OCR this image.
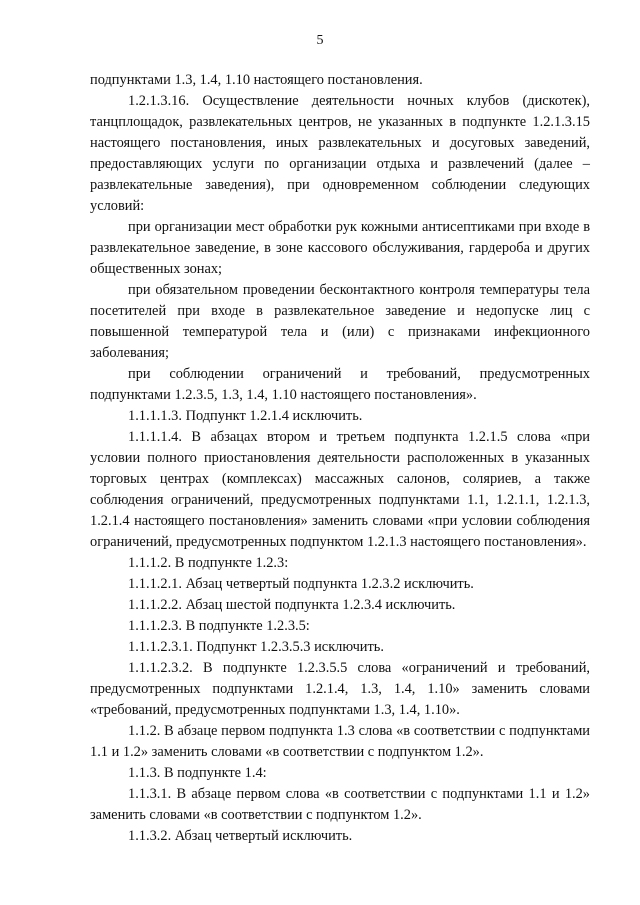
5

подпунктами 1.3, 1.4, 1.10 настоящего постановления.

1.2.1.3.16. Осуществление деятельности ночных клубов (дискотек), танцплощадок, развлекательных центров, не указанных в подпункте 1.2.1.3.15 настоящего постановления, иных развлекательных и досуговых заведений, предоставляющих услуги по организации отдыха и развлечений (далее – развлекательные заведения), при одновременном соблюдении следующих условий:

при организации мест обработки рук кожными антисептиками при входе в развлекательное заведение, в зоне кассового обслуживания, гардероба и других общественных зонах;

при обязательном проведении бесконтактного контроля температуры тела посетителей при входе в развлекательное заведение и недопуске лиц с повышенной температурой тела и (или) с признаками инфекционного заболевания;

при соблюдении ограничений и требований, предусмотренных подпунктами 1.2.3.5, 1.3, 1.4, 1.10 настоящего постановления».

1.1.1.1.3. Подпункт 1.2.1.4 исключить.

1.1.1.1.4. В абзацах втором и третьем подпункта 1.2.1.5 слова «при условии полного приостановления деятельности расположенных в указанных торговых центрах (комплексах) массажных салонов, соляриев, а также соблюдения ограничений, предусмотренных подпунктами 1.1, 1.2.1.1, 1.2.1.3, 1.2.1.4 настоящего постановления» заменить словами «при условии соблюдения ограничений, предусмотренных подпунктом 1.2.1.3 настоящего постановления».

1.1.1.2. В подпункте 1.2.3:

1.1.1.2.1. Абзац четвертый подпункта 1.2.3.2 исключить.

1.1.1.2.2. Абзац шестой подпункта 1.2.3.4 исключить.

1.1.1.2.3. В подпункте 1.2.3.5:

1.1.1.2.3.1. Подпункт 1.2.3.5.3 исключить.

1.1.1.2.3.2. В подпункте 1.2.3.5.5 слова «ограничений и требований, предусмотренных подпунктами 1.2.1.4, 1.3, 1.4, 1.10» заменить словами «требований, предусмотренных подпунктами 1.3, 1.4, 1.10».

1.1.2. В абзаце первом подпункта 1.3 слова «в соответствии с подпунктами 1.1 и 1.2» заменить словами «в соответствии с подпунктом 1.2».

1.1.3. В подпункте 1.4:

1.1.3.1. В абзаце первом слова «в соответствии с подпунктами 1.1 и 1.2» заменить словами «в соответствии с подпунктом 1.2».

1.1.3.2. Абзац четвертый исключить.
